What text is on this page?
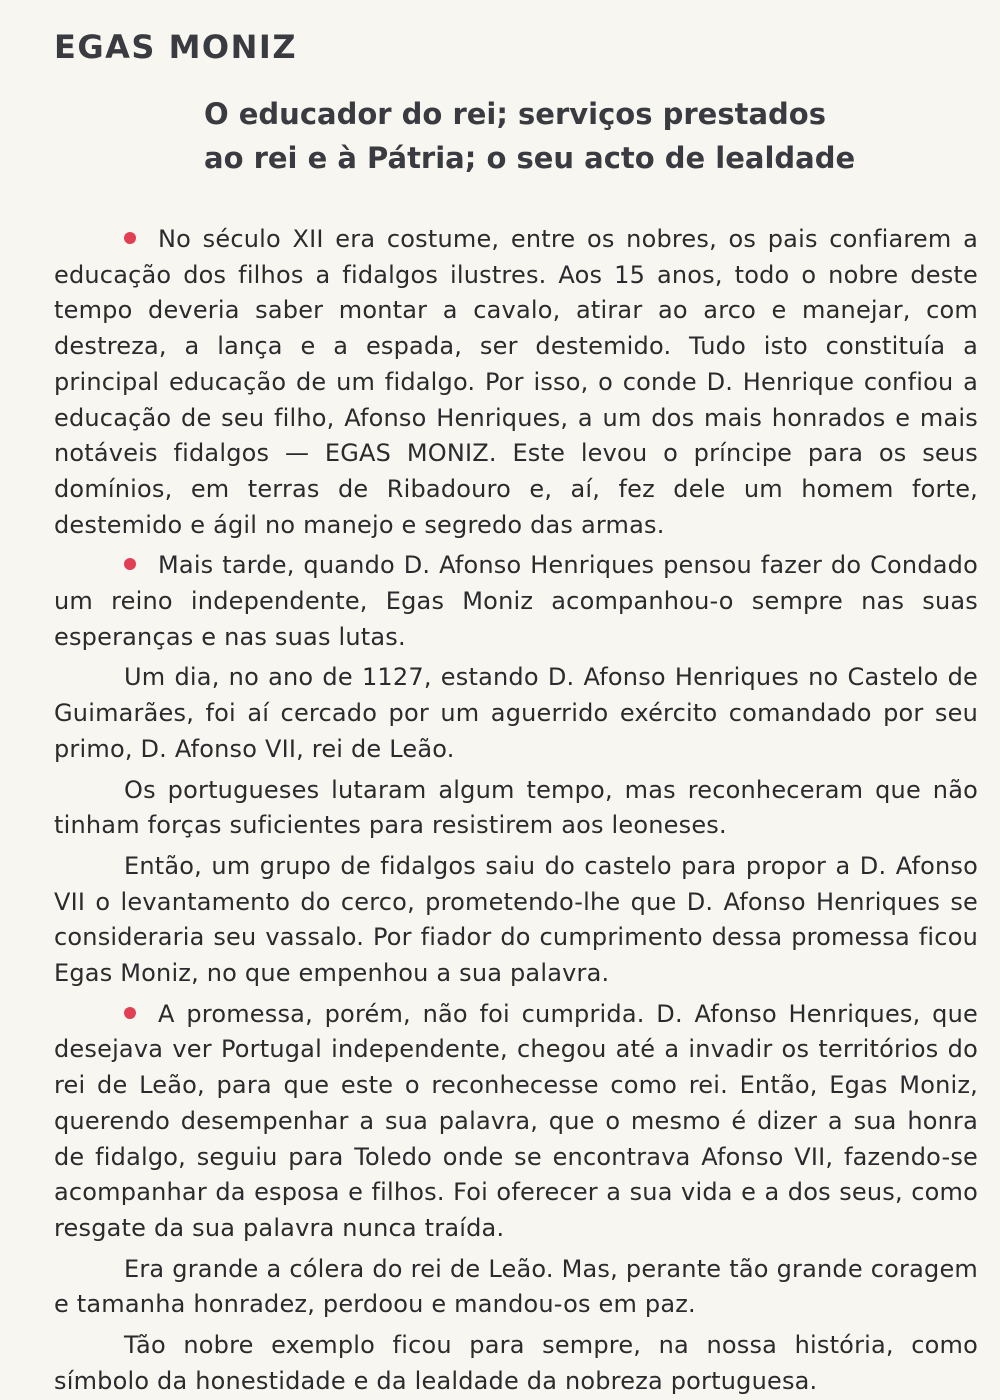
EGAS MONIZ
O educador do rei; serviços prestados
ao rei e à Pátria; o seu acto de lealdade

No século XII era costume, entre os nobres, os pais confiarem a educação dos filhos a fidalgos ilustres. Aos 15 anos, todo o nobre deste tempo deveria saber montar a cavalo, atirar ao arco e manejar, com destreza, a lança e a espada, ser destemido. Tudo isto constituía a principal educação de um fidalgo. Por isso, o conde D. Henrique confiou a educação de seu filho, Afonso Henriques, a um dos mais honrados e mais notáveis fidalgos — EGAS MONIZ. Este levou o príncipe para os seus domínios, em terras de Ribadouro e, aí, fez dele um homem forte, destemido e ágil no manejo e segredo das armas.

Mais tarde, quando D. Afonso Henriques pensou fazer do Condado um reino independente, Egas Moniz acompanhou-o sempre nas suas esperanças e nas suas lutas.

Um dia, no ano de 1127, estando D. Afonso Henriques no Castelo de Guimarães, foi aí cercado por um aguerrido exército comandado por seu primo, D. Afonso VII, rei de Leão.

Os portugueses lutaram algum tempo, mas reconheceram que não tinham forças suficientes para resistirem aos leoneses.

Então, um grupo de fidalgos saiu do castelo para propor a D. Afonso VII o levantamento do cerco, prometendo-lhe que D. Afonso Henriques se consideraria seu vassalo. Por fiador do cumprimento dessa promessa ficou Egas Moniz, no que empenhou a sua palavra.

A promessa, porém, não foi cumprida. D. Afonso Henriques, que desejava ver Portugal independente, chegou até a invadir os territórios do rei de Leão, para que este o reconhecesse como rei. Então, Egas Moniz, querendo desempenhar a sua palavra, que o mesmo é dizer a sua honra de fidalgo, seguiu para Toledo onde se encontrava Afonso VII, fazendo-se acompanhar da esposa e filhos. Foi oferecer a sua vida e a dos seus, como resgate da sua palavra nunca traída.

Era grande a cólera do rei de Leão. Mas, perante tão grande coragem e tamanha honradez, perdoou e mandou-os em paz.

Tão nobre exemplo ficou para sempre, na nossa história, como símbolo da honestidade e da lealdade da nobreza portuguesa.
